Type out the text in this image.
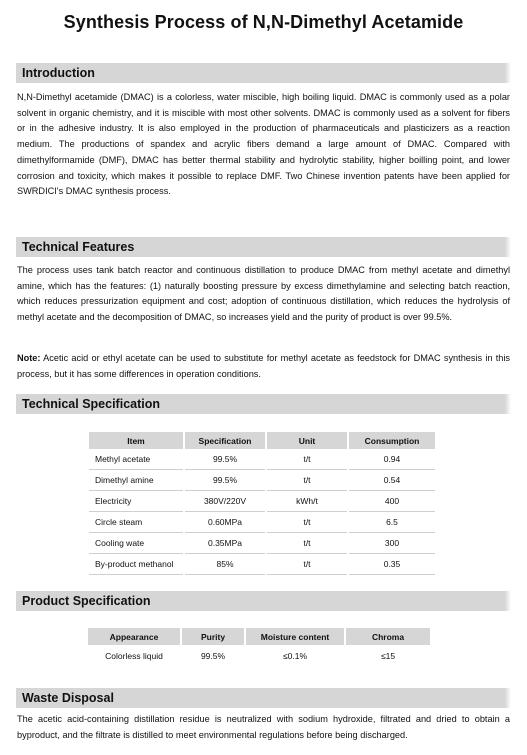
Synthesis Process of N,N-Dimethyl Acetamide
Introduction
N,N-Dimethyl acetamide (DMAC) is a colorless, water miscible, high boiling liquid. DMAC is commonly used as a polar solvent in organic chemistry, and it is miscible with most other solvents. DMAC is commonly used as a solvent for fibers or in the adhesive industry. It is also employed in the production of pharmaceuticals and plasticizers as a reaction medium. The productions of spandex and acrylic fibers demand a large amount of DMAC. Compared with dimethylformamide (DMF), DMAC has better thermal stability and hydrolytic stability, higher boilling point, and lower corrosion and toxicity, which makes it possible to replace DMF. Two Chinese invention patents have been applied for SWRDICI's DMAC synthesis process.
Technical Features
The process uses tank batch reactor and continuous distillation to produce DMAC from methyl acetate and dimethyl amine, which has the features: (1) naturally boosting pressure by excess dimethylamine and selecting batch reaction, which reduces pressurization equipment and cost; adoption of continuous distillation, which reduces the hydrolysis of methyl acetate and the decomposition of DMAC, so increases yield and the purity of product is over 99.5%.
Note: Acetic acid or ethyl acetate can be used to substitute for methyl acetate as feedstock for DMAC synthesis in this process, but it has some differences in operation conditions.
Technical Specification
Item	Specification	Unit	Consumption
Methyl acetate	99.5%	t/t	0.94
Dimethyl amine	99.5%	t/t	0.54
Electricity	380V/220V	kWh/t	400
Circle steam	0.60MPa	t/t	6.5
Cooling wate	0.35MPa	t/t	300
By-product methanol	85%	t/t	0.35
Product Specification
Appearance	Purity	Moisture content	Chroma
Colorless liquid	99.5%	≤0.1%	≤15
Waste Disposal
The acetic acid-containing distillation residue is neutralized with sodium hydroxide, filtrated and dried to obtain a byproduct, and the filtrate is distilled to meet environmental regulations before being discharged.
